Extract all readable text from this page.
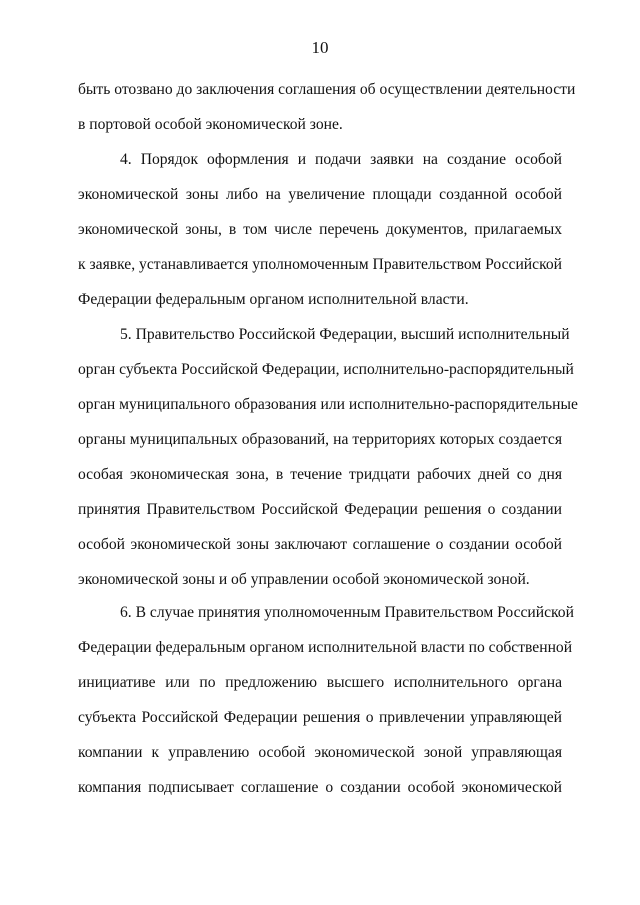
10
быть отозвано до заключения соглашения об осуществлении деятельности
в портовой особой экономической зоне.
4. Порядок оформления и подачи заявки на создание особой
экономической зоны либо на увеличение площади созданной особой
экономической зоны, в том числе перечень документов, прилагаемых
к заявке, устанавливается уполномоченным Правительством Российской
Федерации федеральным органом исполнительной власти.
5. Правительство Российской Федерации, высший исполнительный
орган субъекта Российской Федерации, исполнительно-распорядительный
орган муниципального образования или исполнительно-распорядительные
органы муниципальных образований, на территориях которых создается
особая экономическая зона, в течение тридцати рабочих дней со дня
принятия Правительством Российской Федерации решения о создании
особой экономической зоны заключают соглашение о создании особой
экономической зоны и об управлении особой экономической зоной.
6. В случае принятия уполномоченным Правительством Российской
Федерации федеральным органом исполнительной власти по собственной
инициативе или по предложению высшего исполнительного органа
субъекта Российской Федерации решения о привлечении управляющей
компании к управлению особой экономической зоной управляющая
компания подписывает соглашение о создании особой экономической
